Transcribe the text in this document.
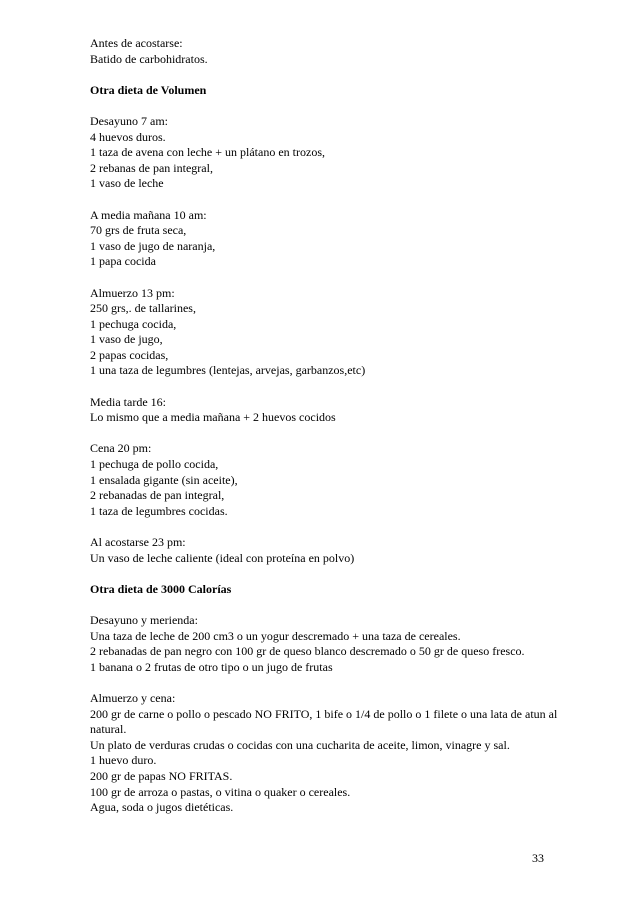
Antes de acostarse:
Batido de carbohidratos.
Otra dieta de Volumen
Desayuno 7 am:
4 huevos duros.
1 taza de avena con leche + un plátano en trozos,
2 rebanas de pan integral,
1 vaso de leche
A media mañana 10 am:
70 grs de fruta seca,
1 vaso de jugo de naranja,
1 papa cocida
Almuerzo 13 pm:
250 grs,. de tallarines,
1 pechuga cocida,
1 vaso de jugo,
2 papas cocidas,
1 una taza de legumbres (lentejas, arvejas, garbanzos,etc)
Media tarde 16:
Lo mismo que a media mañana + 2 huevos cocidos
Cena 20 pm:
1 pechuga de pollo cocida,
1 ensalada gigante (sin aceite),
2 rebanadas de pan integral,
1 taza de legumbres cocidas.
Al acostarse 23 pm:
Un vaso de leche caliente (ideal con proteína en polvo)
Otra dieta de 3000 Calorías
Desayuno y merienda:
Una taza de leche de 200 cm3 o un yogur descremado + una taza de cereales.
2 rebanadas de pan negro con 100 gr de queso blanco descremado o 50 gr de queso fresco.
1 banana o 2 frutas de otro tipo o un jugo de frutas
Almuerzo y cena:
200 gr de carne o pollo o pescado NO FRITO, 1 bife o 1/4 de pollo o 1 filete o una lata de atun al natural.
Un plato de verduras crudas o cocidas con una cucharita de aceite, limon, vinagre y sal.
1 huevo duro.
200 gr de papas NO FRITAS.
100 gr de arroza o pastas, o vitina o quaker o cereales.
Agua, soda o jugos dietéticas.
33
